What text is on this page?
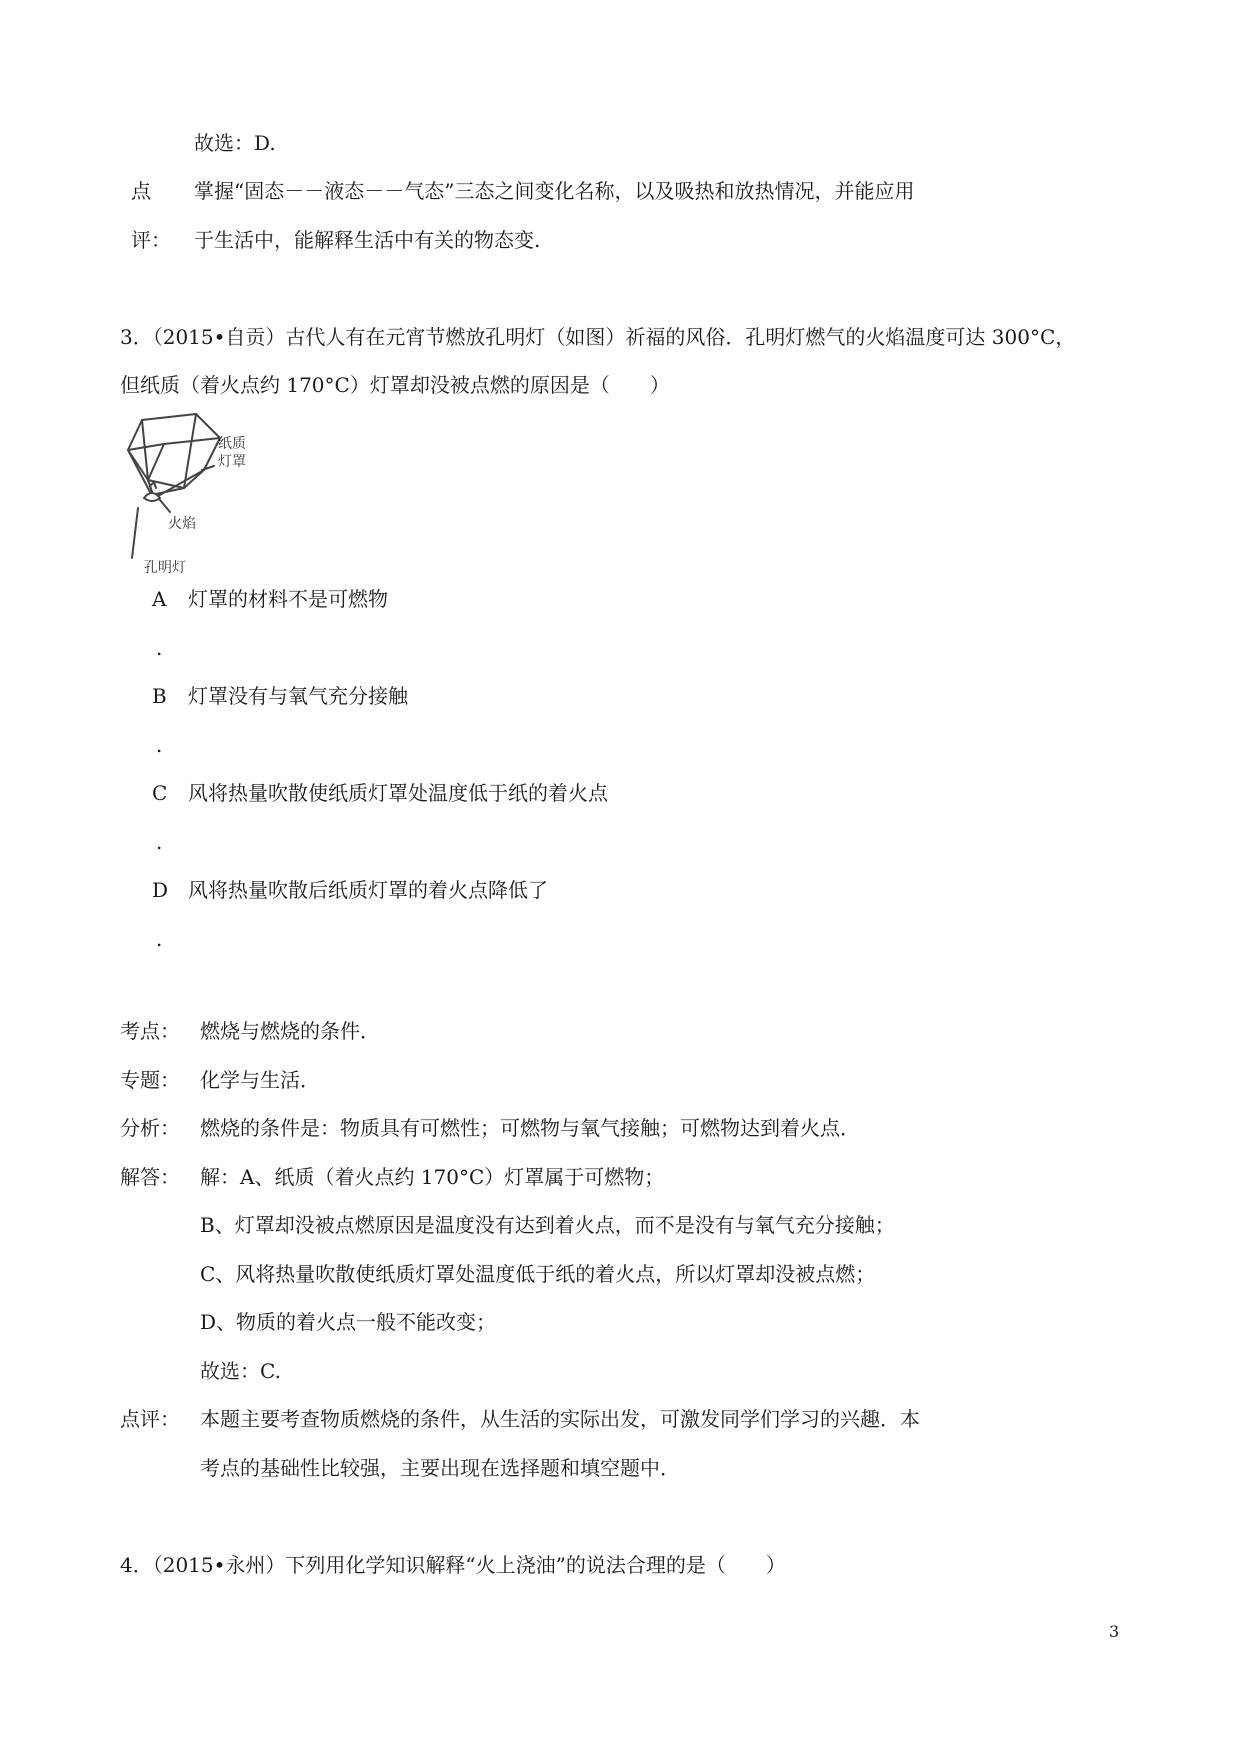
故选：D.
点 掌握“固态－－液态－－气态”三态之间变化名称，以及吸热和放热情况，并能应用
评： 于生活中，能解释生活中有关的物态变.
3．（2015•自贡）古代人有在元宵节燃放孔明灯（如图）祈福的风俗．孔明灯燃气的火焰温度可达 300°C，
但纸质（着火点约 170°C）灯罩却没被点燃的原因是（　　）
纸质
灯罩
火焰
孔明灯
A 灯罩的材料不是可燃物
.
B 灯罩没有与氧气充分接触
.
C 风将热量吹散使纸质灯罩处温度低于纸的着火点
.
D 风将热量吹散后纸质灯罩的着火点降低了
.
考点： 燃烧与燃烧的条件．
专题： 化学与生活．
分析： 燃烧的条件是：物质具有可燃性；可燃物与氧气接触；可燃物达到着火点．
解答： 解：A、纸质（着火点约 170°C）灯罩属于可燃物；
B、灯罩却没被点燃原因是温度没有达到着火点，而不是没有与氧气充分接触；
C、风将热量吹散使纸质灯罩处温度低于纸的着火点，所以灯罩却没被点燃；
D、物质的着火点一般不能改变；
故选：C.
点评： 本题主要考查物质燃烧的条件，从生活的实际出发，可激发同学们学习的兴趣．本
考点的基础性比较强，主要出现在选择题和填空题中．
4．（2015•永州）下列用化学知识解释“火上浇油”的说法合理的是（　　）
3
